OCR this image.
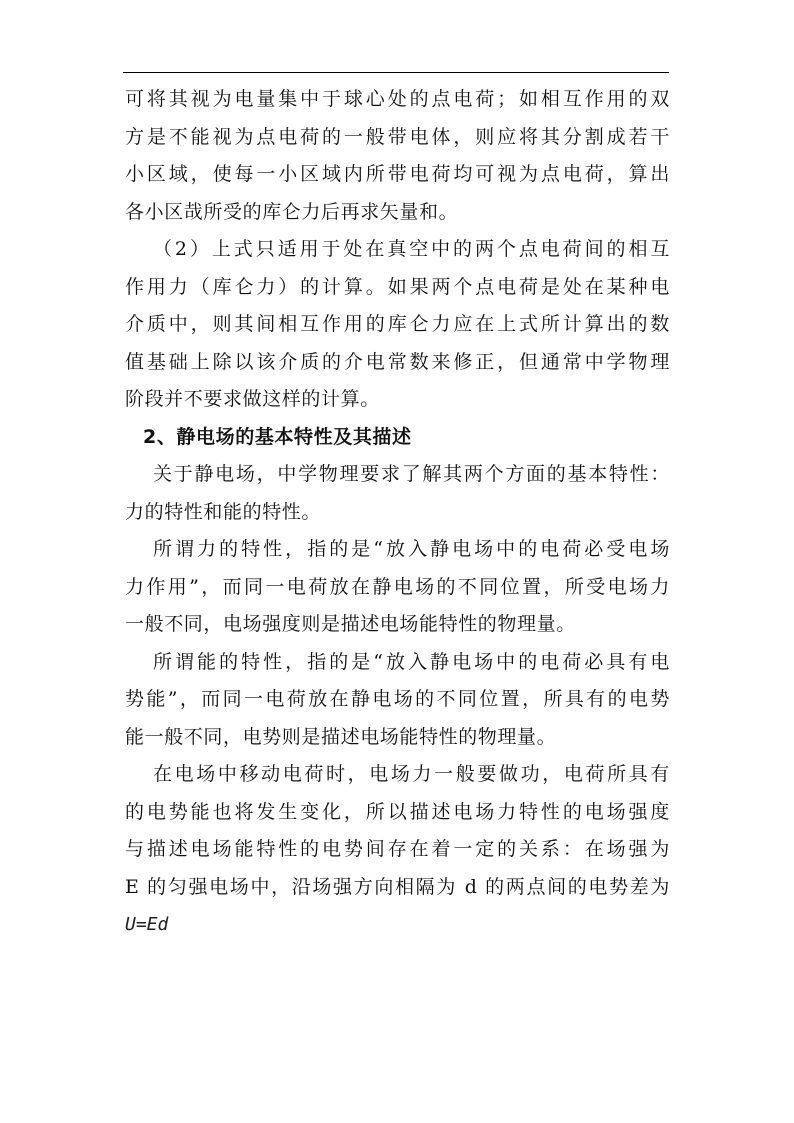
可将其视为电量集中于球心处的点电荷；如相互作用的双
方是不能视为点电荷的一般带电体，则应将其分割成若干
小区域，使每一小区域内所带电荷均可视为点电荷，算出
各小区哉所受的库仑力后再求矢量和。
（2）上式只适用于处在真空中的两个点电荷间的相互
作用力（库仑力）的计算。如果两个点电荷是处在某种电
介质中，则其间相互作用的库仑力应在上式所计算出的数
值基础上除以该介质的介电常数来修正，但通常中学物理
阶段并不要求做这样的计算。
2、静电场的基本特性及其描述
关于静电场，中学物理要求了解其两个方面的基本特性：
力的特性和能的特性。
所谓力的特性，指的是“放入静电场中的电荷必受电场
力作用”，而同一电荷放在静电场的不同位置，所受电场力
一般不同，电场强度则是描述电场能特性的物理量。
所谓能的特性，指的是“放入静电场中的电荷必具有电
势能”，而同一电荷放在静电场的不同位置，所具有的电势
能一般不同，电势则是描述电场能特性的物理量。
在电场中移动电荷时，电场力一般要做功，电荷所具有
的电势能也将发生变化，所以描述电场力特性的电场强度
与描述电场能特性的电势间存在着一定的关系：在场强为
E 的匀强电场中，沿场强方向相隔为 d 的两点间的电势差为
U=Ed
